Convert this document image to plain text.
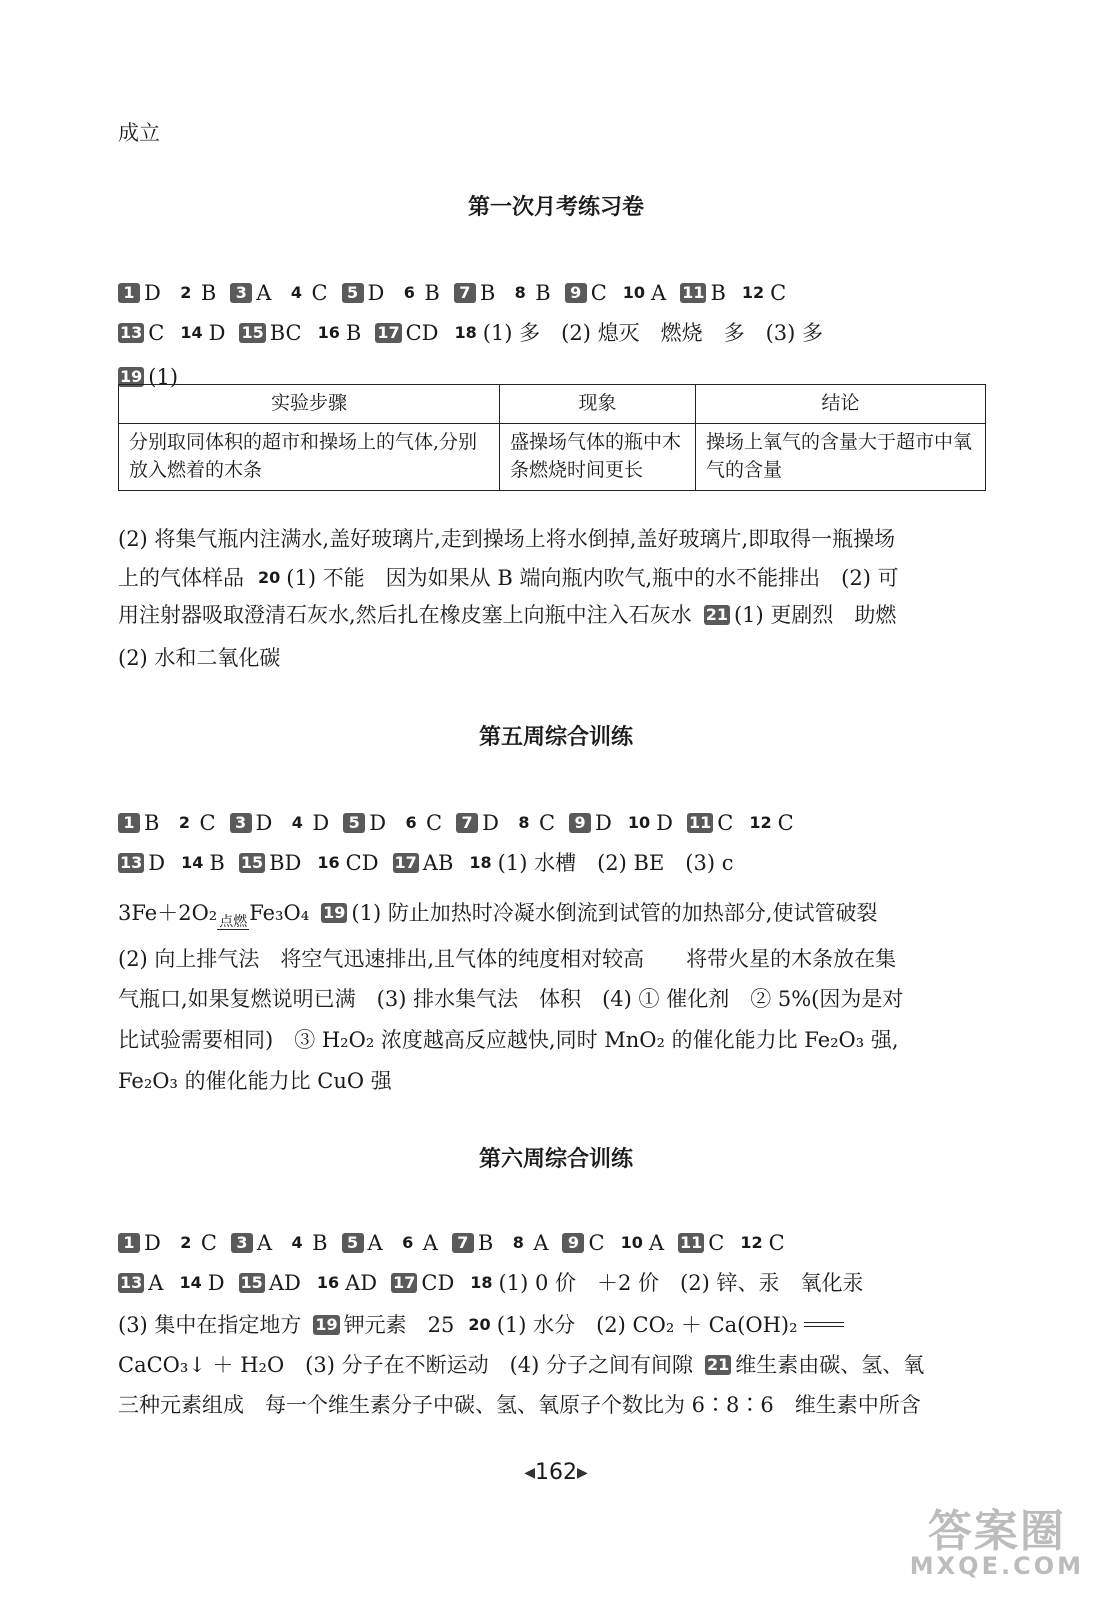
成立
第一次月考练习卷
1 D 2 B 3 A 4 C 5 D 6 B 7 B 8 B 9 C 10 A 11 B 12 C
13 C 14 D 15 BC 16 B 17 CD 18 (1) 多　(2) 熄灭　燃烧　多　(3) 多
19 (1)
实验步骤	现象	结论
分别取同体积的超市和操场上的气体,分别放入燃着的木条	盛操场气体的瓶中木条燃烧时间更长	操场上氧气的含量大于超市中氧气的含量
(2) 将集气瓶内注满水,盖好玻璃片,走到操场上将水倒掉,盖好玻璃片,即取得一瓶操场
上的气体样品 20 (1) 不能　因为如果从 B 端向瓶内吹气,瓶中的水不能排出　(2) 可
用注射器吸取澄清石灰水,然后扎在橡皮塞上向瓶中注入石灰水 21 (1) 更剧烈　助燃
(2) 水和二氧化碳
第五周综合训练
1 B 2 C 3 D 4 D 5 D 6 C 7 D 8 C 9 D 10 D 11 C 12 C
13 D 14 B 15 BD 16 CD 17 AB 18 (1) 水槽　(2) BE　(3) c
3Fe＋2O₂ 点燃 Fe₃O₄ 19 (1) 防止加热时冷凝水倒流到试管的加热部分,使试管破裂
(2) 向上排气法　将空气迅速排出,且气体的纯度相对较高　　将带火星的木条放在集
气瓶口,如果复燃说明已满　(3) 排水集气法　体积　(4) ① 催化剂　② 5%(因为是对
比试验需要相同)　③ H₂O₂ 浓度越高反应越快,同时 MnO₂ 的催化能力比 Fe₂O₃ 强,
Fe₂O₃ 的催化能力比 CuO 强
第六周综合训练
1 D 2 C 3 A 4 B 5 A 6 A 7 B 8 A 9 C 10 A 11 C 12 C
13 A 14 D 15 AD 16 AD 17 CD 18 (1) 0 价　＋2 价　(2) 锌、汞　氧化汞
(3) 集中在指定地方 19 钾元素　25 20 (1) 水分　(2) CO₂ ＋ Ca(OH)₂
CaCO₃↓ ＋ H₂O　(3) 分子在不断运动　(4) 分子之间有间隙 21 维生素由碳、氢、氧
三种元素组成　每一个维生素分子中碳、氢、氧原子个数比为 6∶8∶6　维生素中所含
◀162▶
答案圈
MXQE.COM
